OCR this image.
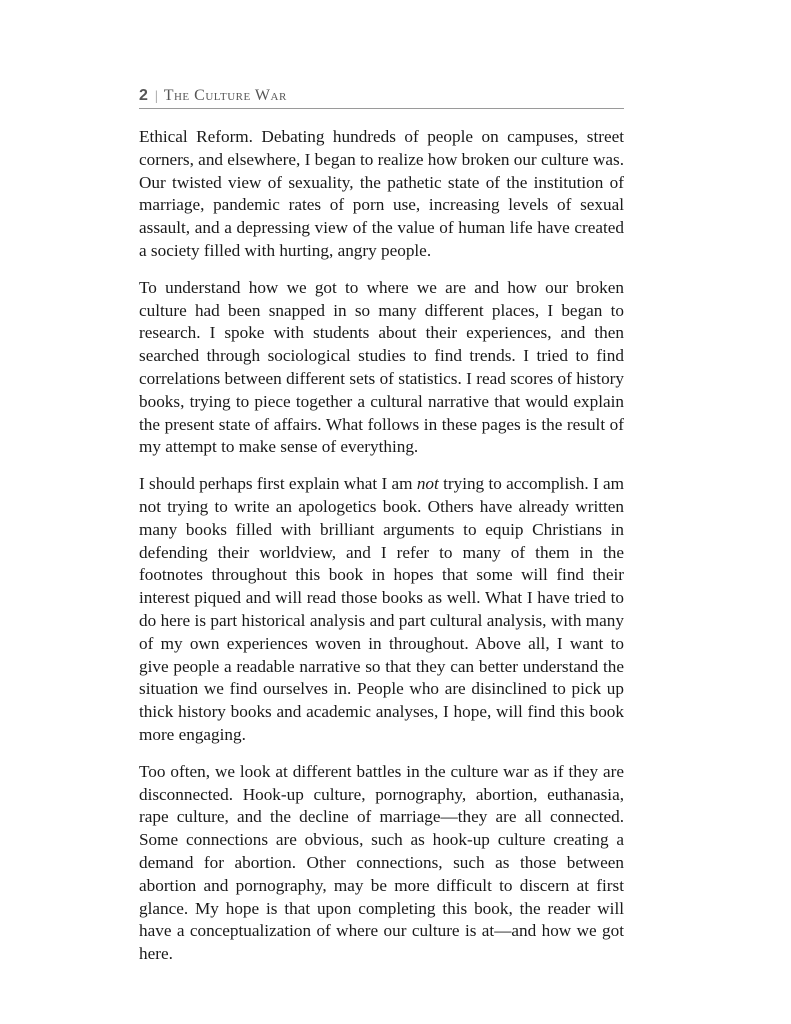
2 | The Culture War

Ethical Reform. Debating hundreds of people on campuses, street corners, and elsewhere, I began to realize how broken our culture was. Our twisted view of sexuality, the pathetic state of the institution of marriage, pandemic rates of porn use, increasing levels of sexual assault, and a depressing view of the value of human life have created a society filled with hurting, angry people.

To understand how we got to where we are and how our broken culture had been snapped in so many different places, I began to research. I spoke with students about their experiences, and then searched through sociological studies to find trends. I tried to find correlations between different sets of statistics. I read scores of history books, trying to piece together a cultural narrative that would explain the present state of affairs. What follows in these pages is the result of my attempt to make sense of everything.

I should perhaps first explain what I am not trying to accomplish. I am not trying to write an apologetics book. Others have already written many books filled with brilliant arguments to equip Christians in defending their worldview, and I refer to many of them in the footnotes throughout this book in hopes that some will find their interest piqued and will read those books as well. What I have tried to do here is part historical analysis and part cultural analysis, with many of my own experiences woven in throughout. Above all, I want to give people a readable narrative so that they can better understand the situation we find ourselves in. People who are disinclined to pick up thick history books and academic analyses, I hope, will find this book more engaging.

Too often, we look at different battles in the culture war as if they are disconnected. Hook-up culture, pornography, abortion, euthanasia, rape culture, and the decline of marriage—they are all connected. Some connections are obvious, such as hook-up culture creating a demand for abortion. Other connections, such as those between abortion and pornography, may be more difficult to discern at first glance. My hope is that upon completing this book, the reader will have a conceptualization of where our culture is at—and how we got here.
